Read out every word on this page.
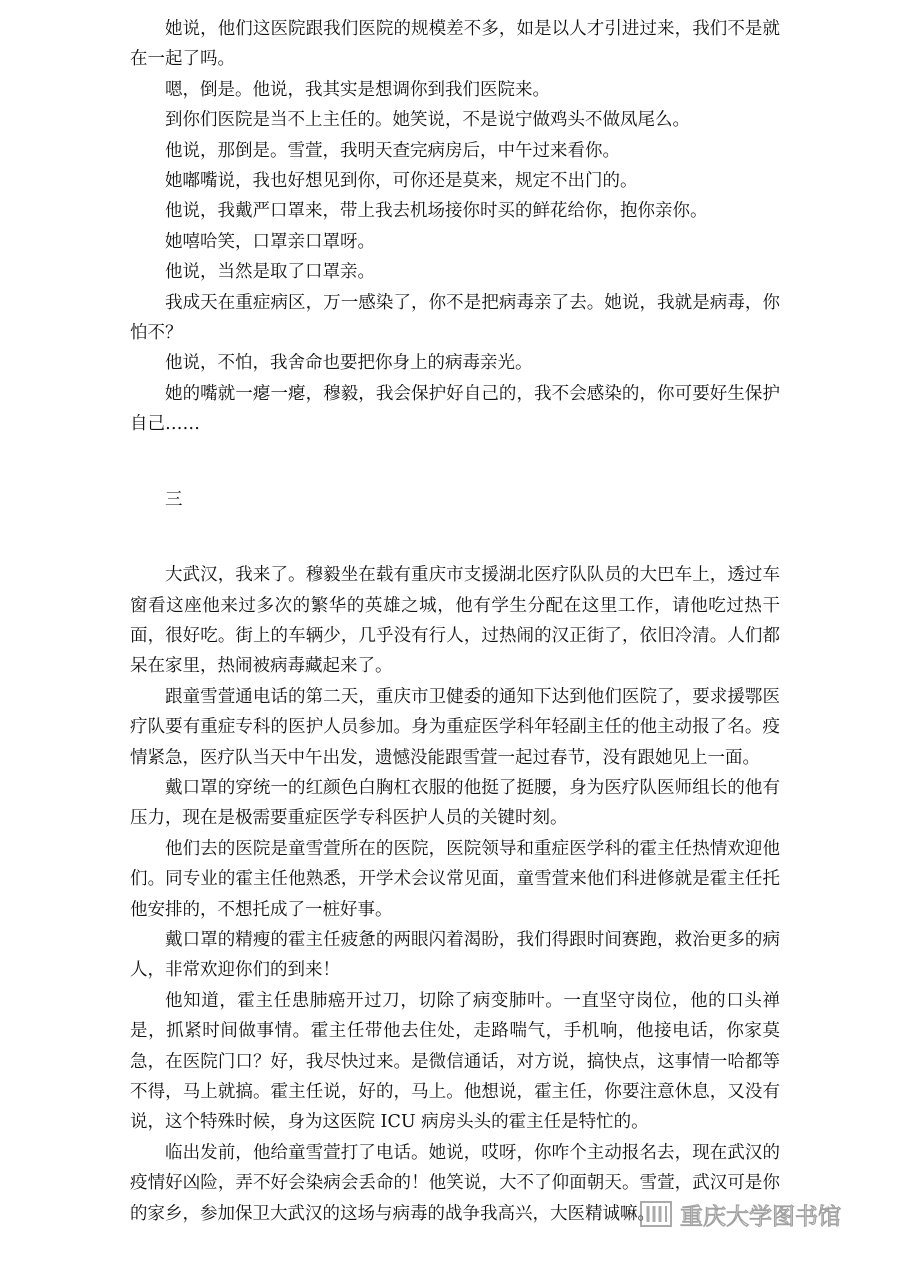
她说，他们这医院跟我们医院的规模差不多，如是以人才引进过来，我们不是就在一起了吗。

嗯，倒是。他说，我其实是想调你到我们医院来。

到你们医院是当不上主任的。她笑说，不是说宁做鸡头不做凤尾么。

他说，那倒是。雪萱，我明天查完病房后，中午过来看你。

她嘟嘴说，我也好想见到你，可你还是莫来，规定不出门的。

他说，我戴严口罩来，带上我去机场接你时买的鲜花给你，抱你亲你。

她嘻哈笑，口罩亲口罩呀。

他说，当然是取了口罩亲。

我成天在重症病区，万一感染了，你不是把病毒亲了去。她说，我就是病毒，你怕不？

他说，不怕，我舍命也要把你身上的病毒亲光。

她的嘴就一瘪一瘪，穆毅，我会保护好自己的，我不会感染的，你可要好生保护自己……

三

大武汉，我来了。穆毅坐在载有重庆市支援湖北医疗队队员的大巴车上，透过车窗看这座他来过多次的繁华的英雄之城，他有学生分配在这里工作，请他吃过热干面，很好吃。街上的车辆少，几乎没有行人，过热闹的汉正街了，依旧冷清。人们都呆在家里，热闹被病毒藏起来了。

跟童雪萱通电话的第二天，重庆市卫健委的通知下达到他们医院了，要求援鄂医疗队要有重症专科的医护人员参加。身为重症医学科年轻副主任的他主动报了名。疫情紧急，医疗队当天中午出发，遗憾没能跟雪萱一起过春节，没有跟她见上一面。

戴口罩的穿统一的红颜色白胸杠衣服的他挺了挺腰，身为医疗队医师组长的他有压力，现在是极需要重症医学专科医护人员的关键时刻。

他们去的医院是童雪萱所在的医院，医院领导和重症医学科的霍主任热情欢迎他们。同专业的霍主任他熟悉，开学术会议常见面，童雪萱来他们科进修就是霍主任托他安排的，不想托成了一桩好事。

戴口罩的精瘦的霍主任疲惫的两眼闪着渴盼，我们得跟时间赛跑，救治更多的病人，非常欢迎你们的到来！

他知道，霍主任患肺癌开过刀，切除了病变肺叶。一直坚守岗位，他的口头禅是，抓紧时间做事情。霍主任带他去住处，走路喘气，手机响，他接电话，你家莫急，在医院门口？好，我尽快过来。是微信通话，对方说，搞快点，这事情一哈都等不得，马上就搞。霍主任说，好的，马上。他想说，霍主任，你要注意休息，又没有说，这个特殊时候，身为这医院 ICU 病房头头的霍主任是特忙的。

临出发前，他给童雪萱打了电话。她说，哎呀，你咋个主动报名去，现在武汉的疫情好凶险，弄不好会染病会丢命的！他笑说，大不了仰面朝天。雪萱，武汉可是你的家乡，参加保卫大武汉的这场与病毒的战争我高兴，大医精诚嘛。	重庆大学图书馆
